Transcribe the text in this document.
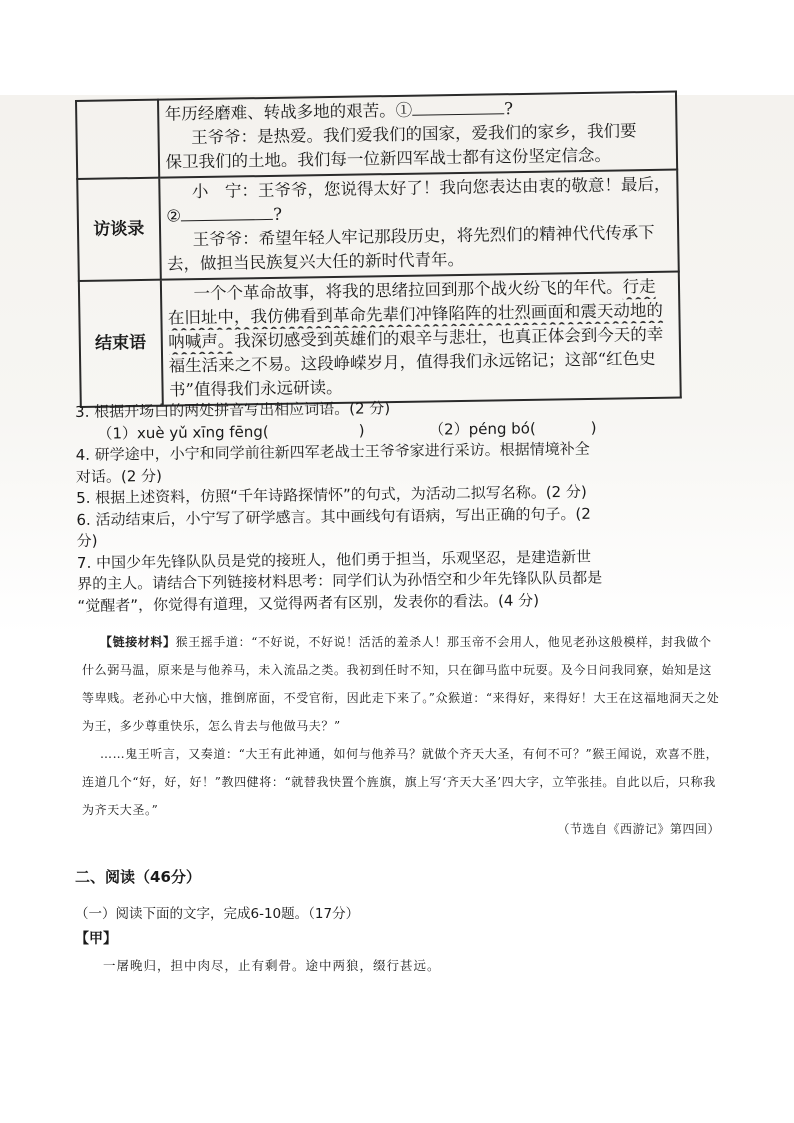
	年历经磨难、转战多地的艰苦。① ?
王爷爷：是热爱。我们爱我们的国家，爱我们的家乡，我们要
保卫我们的土地。我们每一位新四军战士都有这份坚定信念。

访谈录	小　宁：王爷爷，您说得太好了！我向您表达由衷的敬意！最后，
② ?
王爷爷：希望年轻人牢记那段历史，将先烈们的精神代代传承下
去，做担当民族复兴大任的新时代青年。

结束语	一个个革命故事，将我的思绪拉回到那个战火纷飞的年代。行走
在旧址中，我仿佛看到革命先辈们冲锋陷阵的壮烈画面和震天动地的
呐喊声。我深切感受到英雄们的艰辛与悲壮，也真正体会到今天的幸
福生活来之不易。这段峥嵘岁月，值得我们永远铭记；这部“红色史
书”值得我们永远研读。
3. 根据开场白的两处拼音写出相应词语。(2 分)
（1）xuè yǔ xīng fēng(	)	（2）péng bó(	)
4. 研学途中，小宁和同学前往新四军老战士王爷爷家进行采访。根据情境补全
对话。(2 分)
5. 根据上述资料，仿照“千年诗路探情怀”的句式，为活动二拟写名称。(2 分)
6. 活动结束后，小宁写了研学感言。其中画线句有语病，写出正确的句子。(2
分)
7. 中国少年先锋队队员是党的接班人，他们勇于担当，乐观坚忍，是建造新世
界的主人。请结合下列链接材料思考：同学们认为孙悟空和少年先锋队队员都是
“觉醒者”，你觉得有道理，又觉得两者有区别，发表你的看法。(4 分)

【链接材料】猴王摇手道：“不好说，不好说！活活的羞杀人！那玉帝不会用人，他见老孙这般模样，封我做个什么弼马温，原来是与他养马，未入流品之类。我初到任时不知，只在御马监中玩耍。及今日问我同寮，始知是这等卑贱。老孙心中大恼，推倒席面，不受官衔，因此走下来了。”众猴道：“来得好，来得好！大王在这福地洞天之处为王，多少尊重快乐，怎么肯去与他做马夫？”

……鬼王听言，又奏道：“大王有此神通，如何与他养马？就做个齐天大圣，有何不可？”猴王闻说，欢喜不胜，连道几个“好，好，好！”教四健将：“就替我快置个旌旗，旗上写‘齐天大圣’四大字，立竿张挂。自此以后，只称我为齐天大圣。”

（节选自《西游记》第四回）
二、阅读（46分）
（一）阅读下面的文字，完成6-10题。（17分）
【甲】
一屠晚归，担中肉尽，止有剩骨。途中两狼，缀行甚远。
